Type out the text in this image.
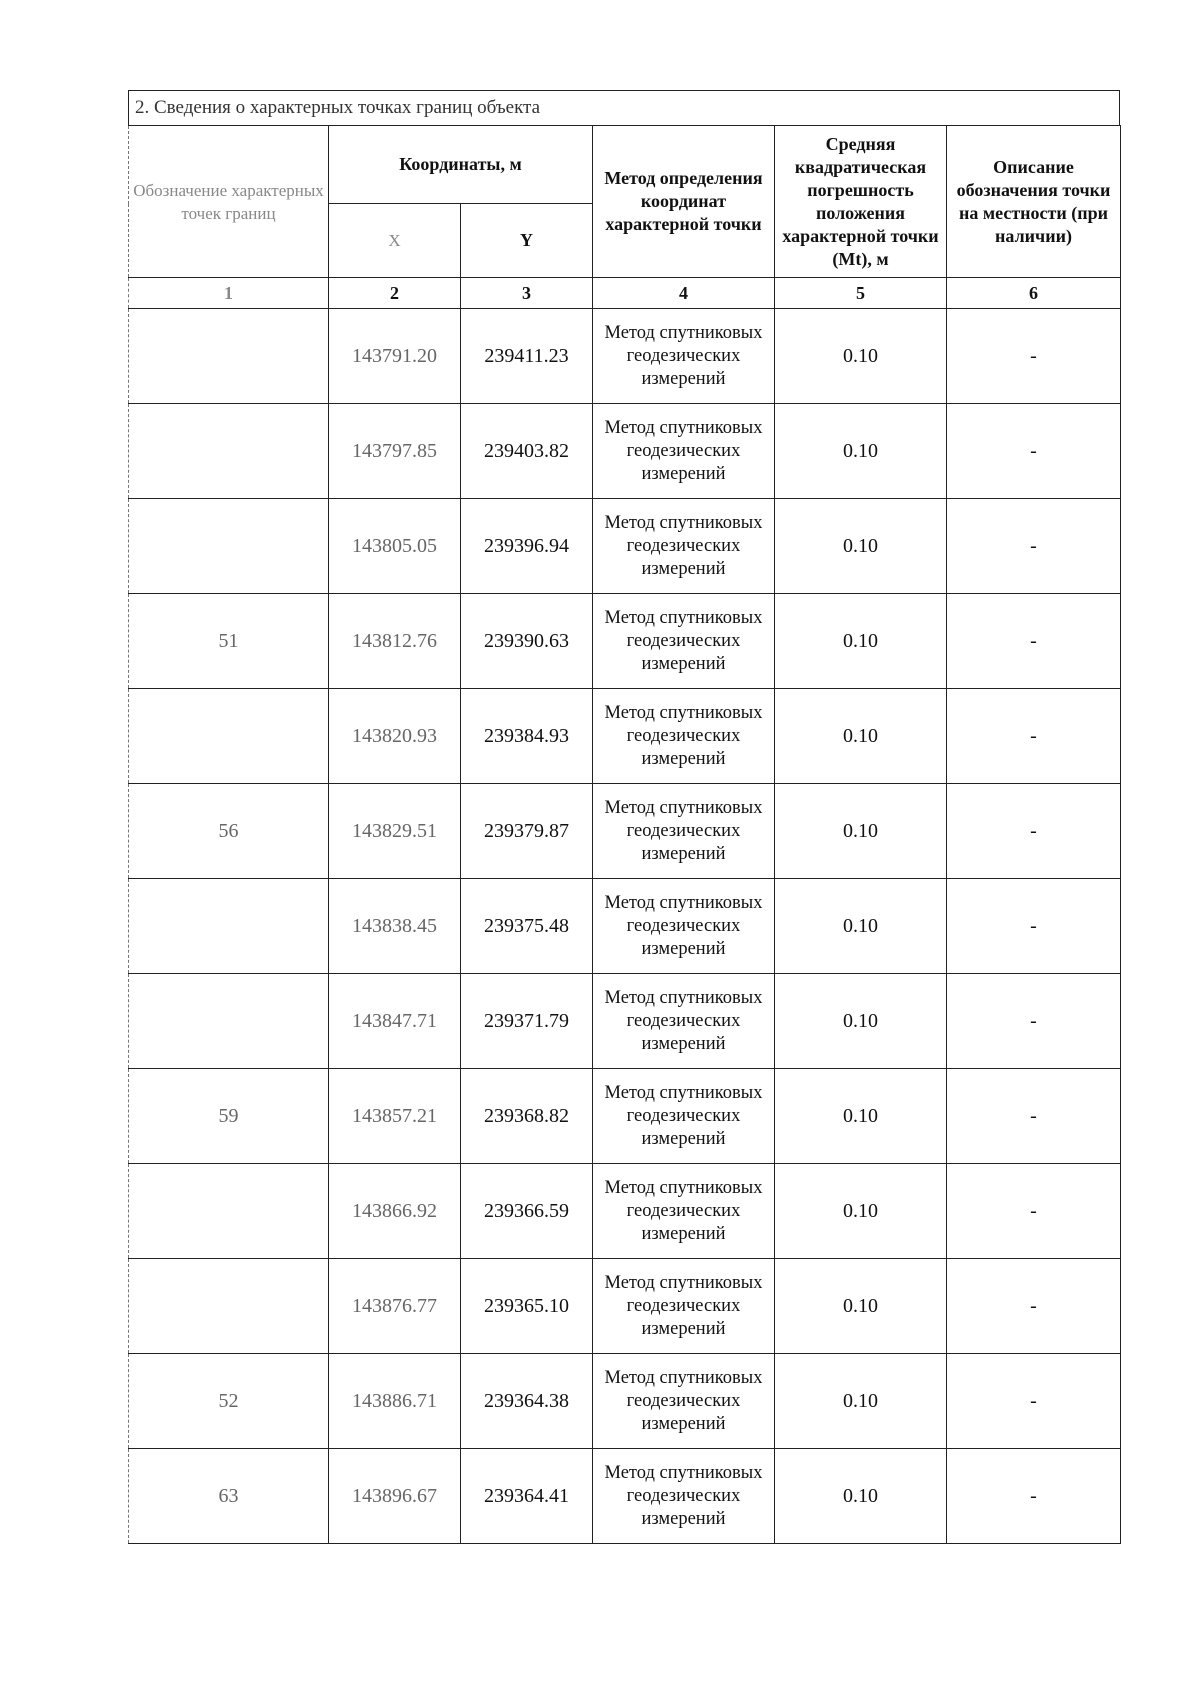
2. Сведения о характерных точках границ объекта
Обозначение характерных точек границ	Координаты, м		Метод определения координат характерной точки	Средняя квадратическая погрешность положения характерной точки (Mt), м	Описание обозначения точки на местности (при наличии)
	X	Y			
1	2	3	4	5	6
	143791.20	239411.23	Метод спутниковых геодезических измерений	0.10	-
	143797.85	239403.82	Метод спутниковых геодезических измерений	0.10	-
	143805.05	239396.94	Метод спутниковых геодезических измерений	0.10	-
51	143812.76	239390.63	Метод спутниковых геодезических измерений	0.10	-
	143820.93	239384.93	Метод спутниковых геодезических измерений	0.10	-
56	143829.51	239379.87	Метод спутниковых геодезических измерений	0.10	-
	143838.45	239375.48	Метод спутниковых геодезических измерений	0.10	-
	143847.71	239371.79	Метод спутниковых геодезических измерений	0.10	-
59	143857.21	239368.82	Метод спутниковых геодезических измерений	0.10	-
	143866.92	239366.59	Метод спутниковых геодезических измерений	0.10	-
	143876.77	239365.10	Метод спутниковых геодезических измерений	0.10	-
52	143886.71	239364.38	Метод спутниковых геодезических измерений	0.10	-
63	143896.67	239364.41	Метод спутниковых геодезических измерений	0.10	-
